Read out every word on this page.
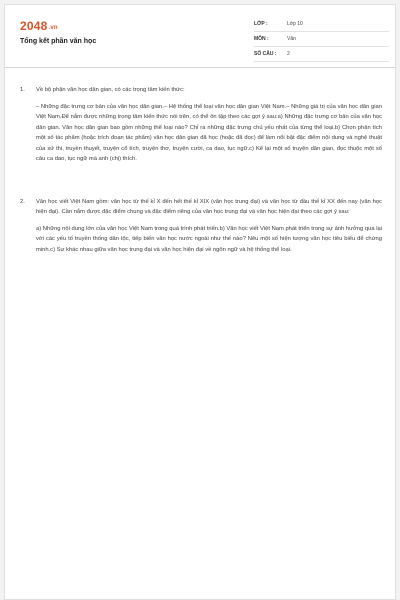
2048.vn
Tổng kết phần văn học
LỚP :	Lớp 10
MÔN :	Văn
SỐ CÂU :	2
1.	Về bộ phận văn học dân gian, có các trọng tâm kiến thức:

– Những đặc trưng cơ bản của văn học dân gian.– Hệ thống thể loại văn học dân gian Việt Nam.– Những giá trị của văn học dân gian Việt Nam.Để nắm được những trọng tâm kiến thức nói trên, có thể ôn tập theo các gợi ý sau:a) Những đặc trưng cơ bản của văn học dân gian. Văn học dân gian bao gồm những thể loại nào? Chỉ ra những đặc trưng chủ yếu nhất của từng thể loại.b) Chọn phân tích một số tác phẩm (hoặc trích đoạn tác phẩm) văn học dân gian đã học (hoặc đã đọc) để làm nổi bật đặc điểm nội dung và nghệ thuật của sử thi, truyền thuyết, truyện cổ tích, truyện thơ, truyện cười, ca dao, tục ngữ.c) Kể lại một số truyện dân gian, đọc thuộc một số câu ca dao, tục ngữ mà anh (chị) thích.

2.	Văn học viết Việt Nam gồm: văn học từ thế kỉ X đến hết thế kỉ XIX (văn học trung đại) và văn học từ đầu thế kỉ XX đến nay (văn học hiện đại). Cần nắm được đặc điểm chung và đặc điểm riêng của văn học trung đại và văn học hiện đại theo các gợi ý sau:

a) Những nội dung lớn của văn học Việt Nam trong quá trình phát triển.b) Văn học viết Việt Nam phát triển trong sự ảnh hưởng qua lại với các yếu tố truyền thống dân tộc, tiếp biến văn học nước ngoài như thế nào? Nêu một số hiện tượng văn học tiêu biểu để chứng minh.c) Sự khác nhau giữa văn học trung đại và văn học hiện đại về ngôn ngữ và hệ thống thể loại.
